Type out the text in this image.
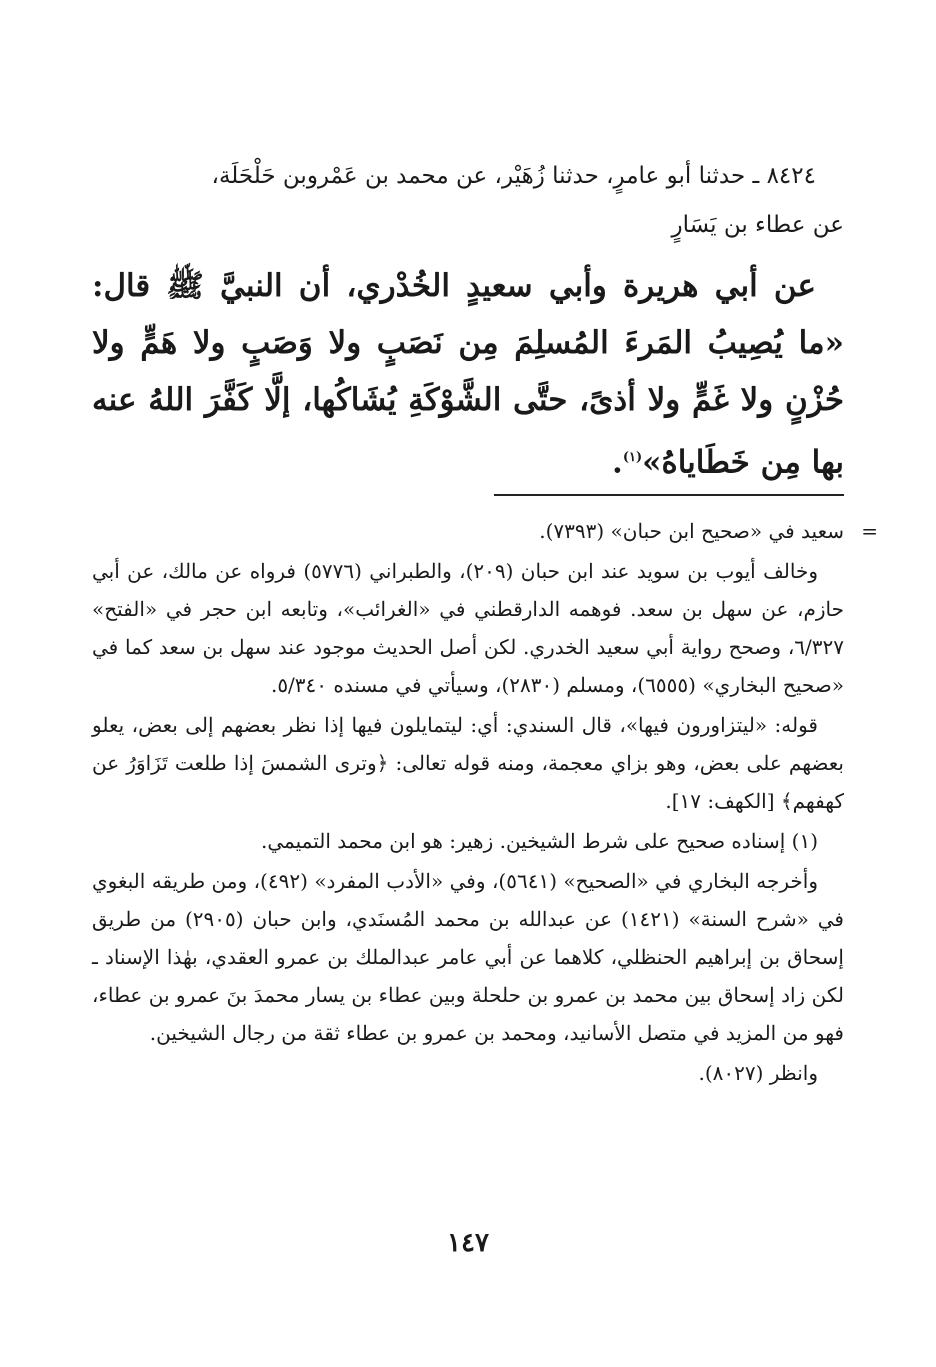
٨٤٢٤ ـ حدثنا أبو عامرٍ، حدثنا زُهَيْر، عن محمد بن عَمْروبن حَلْحَلَة،

عن عطاء بن يَسَارٍ

عن أبي هريرة وأبي سعيدٍ الخُدْري، أن النبيَّ ﷺ قال: «ما يُصِيبُ المَرءَ المُسلِمَ مِن نَصَبٍ ولا وَصَبٍ ولا هَمٍّ ولا حُزْنٍ ولا غَمٍّ ولا أذىً، حتَّى الشَّوْكَةِ يُشَاكُها، إلَّا كَفَّرَ اللهُ عنه بها مِن خَطَاياهُ»$^{(١)}$.

=
سعيد في «صحيح ابن حبان» (٧٣٩٣).

وخالف أيوب بن سويد عند ابن حبان (٢٠٩)، والطبراني (٥٧٧٦) فرواه عن مالك، عن أبي حازم، عن سهل بن سعد. فوهمه الدارقطني في «الغرائب»، وتابعه ابن حجر في «الفتح» ٦/٣٢٧، وصحح رواية أبي سعيد الخدري. لكن أصل الحديث موجود عند سهل بن سعد كما في «صحيح البخاري» (٦٥٥٥)، ومسلم (٢٨٣٠)، وسيأتي في مسنده ٥/٣٤٠.

قوله: «ليتزاورون فيها»، قال السندي: أي: ليتمايلون فيها إذا نظر بعضهم إلى بعض، يعلو بعضهم على بعض، وهو بزاي معجمة، ومنه قوله تعالى: ﴿وترى الشمسَ إذا طلعت تَزَاوَرُ عن كهفهم﴾ [الكهف: ١٧].

(١) إسناده صحيح على شرط الشيخين. زهير: هو ابن محمد التميمي.

وأخرجه البخاري في «الصحيح» (٥٦٤١)، وفي «الأدب المفرد» (٤٩٢)، ومن طريقه البغوي في «شرح السنة» (١٤٢١) عن عبدالله بن محمد المُسنَدي، وابن حبان (٢٩٠٥) من طريق إسحاق بن إبراهيم الحنظلي، كلاهما عن أبي عامر عبدالملك بن عمرو العقدي، بهٰذا الإسناد ـ لكن زاد إسحاق بين محمد بن عمرو بن حلحلة وبين عطاء بن يسار محمدَ بنَ عمرو بن عطاء، فهو من المزيد في متصل الأسانيد، ومحمد بن عمرو بن عطاء ثقة من رجال الشيخين.

وانظر (٨٠٢٧).

١٤٧
